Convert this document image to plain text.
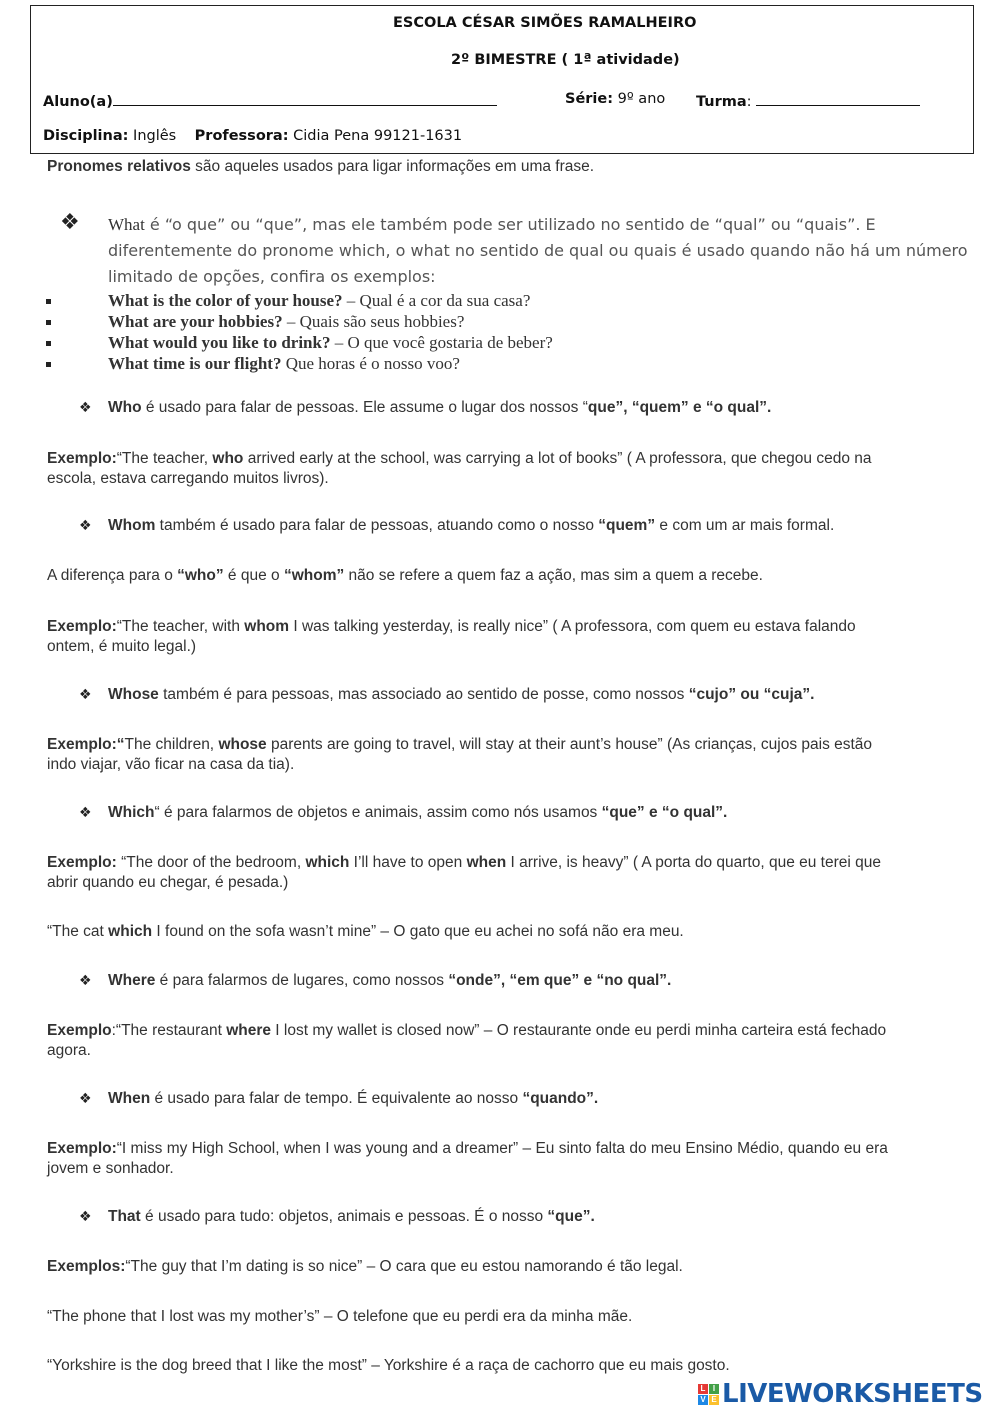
ESCOLA CÉSAR SIMÕES RAMALHEIRO
2º BIMESTRE ( 1ª atividade)
Aluno(a)	Série: 9º ano Turma:
Disciplina: Inglês Professora: Cidia Pena 99121-1631
Pronomes relativos são aqueles usados para ligar informações em uma frase.
❖ What é “o que” ou “que”, mas ele também pode ser utilizado no sentido de “qual” ou “quais”. E
diferentemente do pronome which, o what no sentido de qual ou quais é usado quando não há um número
limitado de opções, confira os exemplos:
What is the color of your house? – Qual é a cor da sua casa?
What are your hobbies? – Quais são seus hobbies?
What would you like to drink? – O que você gostaria de beber?
What time is our flight? Que horas é o nosso voo?
❖ Who é usado para falar de pessoas. Ele assume o lugar dos nossos “que”, “quem” e “o qual”.
Exemplo:“The teacher, who arrived early at the school, was carrying a lot of books” ( A professora, que chegou cedo na
escola, estava carregando muitos livros).
❖ Whom também é usado para falar de pessoas, atuando como o nosso “quem” e com um ar mais formal.
A diferença para o “who” é que o “whom” não se refere a quem faz a ação, mas sim a quem a recebe.
Exemplo:“The teacher, with whom I was talking yesterday, is really nice” ( A professora, com quem eu estava falando
ontem, é muito legal.)
❖ Whose também é para pessoas, mas associado ao sentido de posse, como nossos “cujo” ou “cuja”.
Exemplo:“The children, whose parents are going to travel, will stay at their aunt’s house” (As crianças, cujos pais estão
indo viajar, vão ficar na casa da tia).
❖ Which“ é para falarmos de objetos e animais, assim como nós usamos “que” e “o qual”.
Exemplo: “The door of the bedroom, which I’ll have to open when I arrive, is heavy” ( A porta do quarto, que eu terei que
abrir quando eu chegar, é pesada.)
“The cat which I found on the sofa wasn’t mine” – O gato que eu achei no sofá não era meu.
❖ Where é para falarmos de lugares, como nossos “onde”, “em que” e “no qual”.
Exemplo:“The restaurant where I lost my wallet is closed now” – O restaurante onde eu perdi minha carteira está fechado
agora.
❖ When é usado para falar de tempo. É equivalente ao nosso “quando”.
Exemplo:“I miss my High School, when I was young and a dreamer” – Eu sinto falta do meu Ensino Médio, quando eu era
jovem e sonhador.
❖ That é usado para tudo: objetos, animais e pessoas. É o nosso “que”.
Exemplos:“The guy that I’m dating is so nice” – O cara que eu estou namorando é tão legal.
“The phone that I lost was my mother’s” – O telefone que eu perdi era da minha mãe.
“Yorkshire is the dog breed that I like the most” – Yorkshire é a raça de cachorro que eu mais gosto.
L I
V E LIVEWORKSHEETS
